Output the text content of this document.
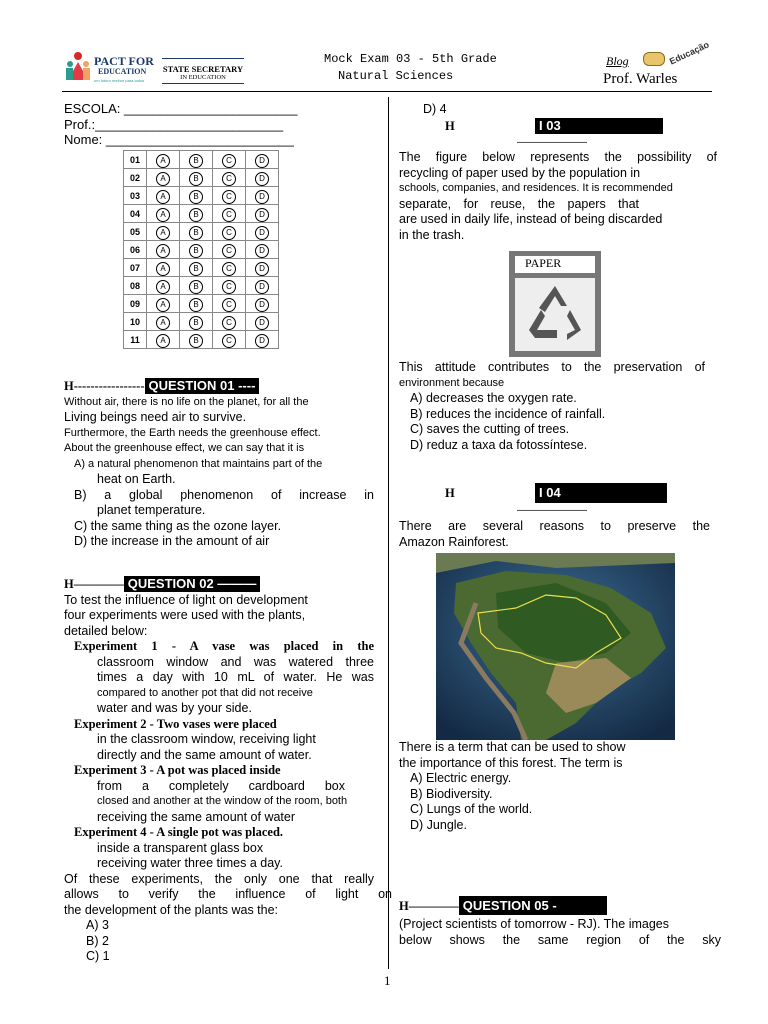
PACT FOR
EDUCATION
um futuro melhor para todos
STATE SECRETARY
IN EDUCATION
Mock Exam 03 - 5th Grade
Natural Sciences
Blog	Educação
Prof. Warles

ESCOLA: ________________________

Prof.:__________________________

Nome: __________________________

01	A	B	C	D
02	A	B	C	D
03	A	B	C	D
04	A	B	C	D
05	A	B	C	D
06	A	B	C	D
07	A	B	C	D
08	A	B	C	D
09	A	B	C	D
10	A	B	C	D
11	A	B	C	D
H----------------- QUESTION 01 ----

Without air, there is no life on the planet, for all the

Living beings need air to survive.

Furthermore, the Earth needs the greenhouse effect.

About the greenhouse effect, we can say that it is

A) a natural phenomenon that maintains part of the

heat on Earth.

B) a global phenomenon of increase in

planet temperature.

C) the same thing as the ozone layer.

D) the increase in the amount of air

H———— QUESTION 02 ———

To test the influence of light on development

four experiments were used with the plants,

detailed below:

Experiment 1 - A vase was placed in the

classroom window and was watered three

times a day with 10 mL of water. He was

compared to another pot that did not receive

water and was by your side.

Experiment 2 - Two vases were placed

in the classroom window, receiving light

directly and the same amount of water.

Experiment 3 - A pot was placed inside

from a completely cardboard box

closed and another at the window of the room, both

receiving the same amount of water

Experiment 4 - A single pot was placed.

inside a transparent glass box

receiving water three times a day.

Of these experiments, the only one that really

allows to verify the influence of light on

the development of the plants was the:

A) 3

B) 2

C) 1

D) 4

H	I 03

———————

The figure below represents the possibility of

recycling of paper used by the population in

schools, companies, and residences. It is recommended

separate, for reuse, the papers that

are used in daily life, instead of being discarded

in the trash.

PAPER

This attitude contributes to the preservation of

environment because

A) decreases the oxygen rate.

B) reduces the incidence of rainfall.

C) saves the cutting of trees.

D) reduz a taxa da fotossíntese.

H	I 04

———————

There are several reasons to preserve the

Amazon Rainforest.

There is a term that can be used to show

the importance of this forest. The term is

A) Electric energy.

B) Biodiversity.

C) Lungs of the world.

D) Jungle.

H———— QUESTION 05 -

(Project scientists of tomorrow - RJ). The images

below shows the same region of the sky

1
